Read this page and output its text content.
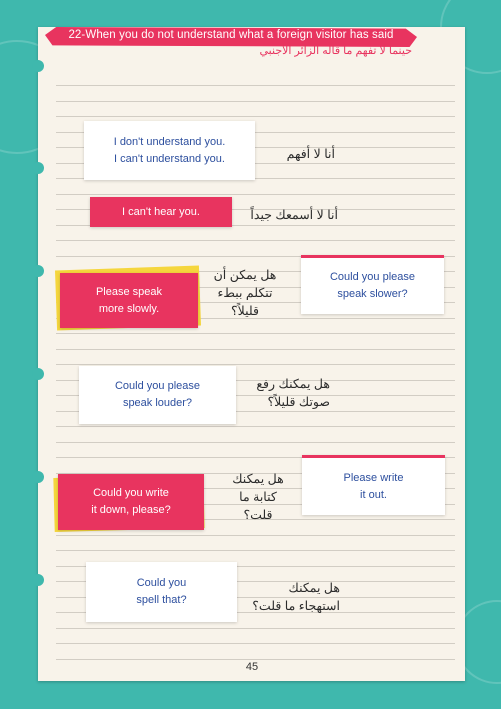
22-When you do not understand what a foreign visitor has said
حينما لا تفهم ما قاله الزائر الأجنبي
I don't understand you.
I can't understand you.	أنا لا أفهم
I can't hear you.	أنا لا أسمعك جيداً
Please speak
more slowly.
هل يمكن أن
تتكلم ببطء
قليلاً؟
Could you please
speak slower?
Could you please
speak louder?
هل يمكنك رفع
صوتك قليلاً؟
Could you write
it down, please?
هل يمكنك
كتابة ما
قلت؟
Please write
it out.
Could you
spell that?
هل يمكنك
استهجاء ما قلت؟
45
